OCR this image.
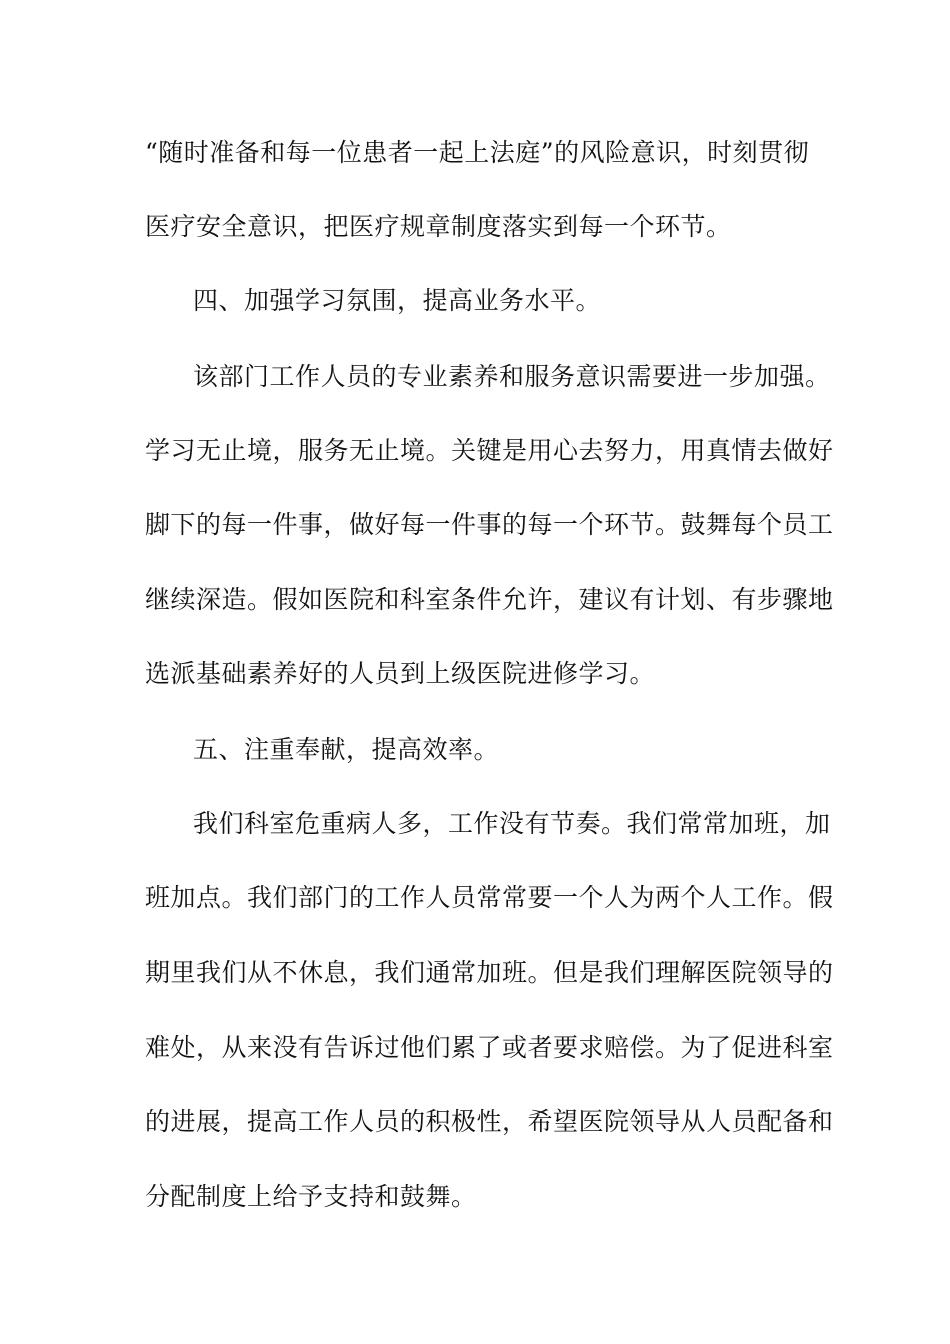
“随时准备和每一位患者一起上法庭”的风险意识，时刻贯彻
医疗安全意识，把医疗规章制度落实到每一个环节。
四、加强学习氛围，提高业务水平。
该部门工作人员的专业素养和服务意识需要进一步加强。
学习无止境，服务无止境。关键是用心去努力，用真情去做好
脚下的每一件事，做好每一件事的每一个环节。鼓舞每个员工
继续深造。假如医院和科室条件允许，建议有计划、有步骤地
选派基础素养好的人员到上级医院进修学习。
五、注重奉献，提高效率。
我们科室危重病人多，工作没有节奏。我们常常加班，加
班加点。我们部门的工作人员常常要一个人为两个人工作。假
期里我们从不休息，我们通常加班。但是我们理解医院领导的
难处，从来没有告诉过他们累了或者要求赔偿。为了促进科室
的进展，提高工作人员的积极性，希望医院领导从人员配备和
分配制度上给予支持和鼓舞。
